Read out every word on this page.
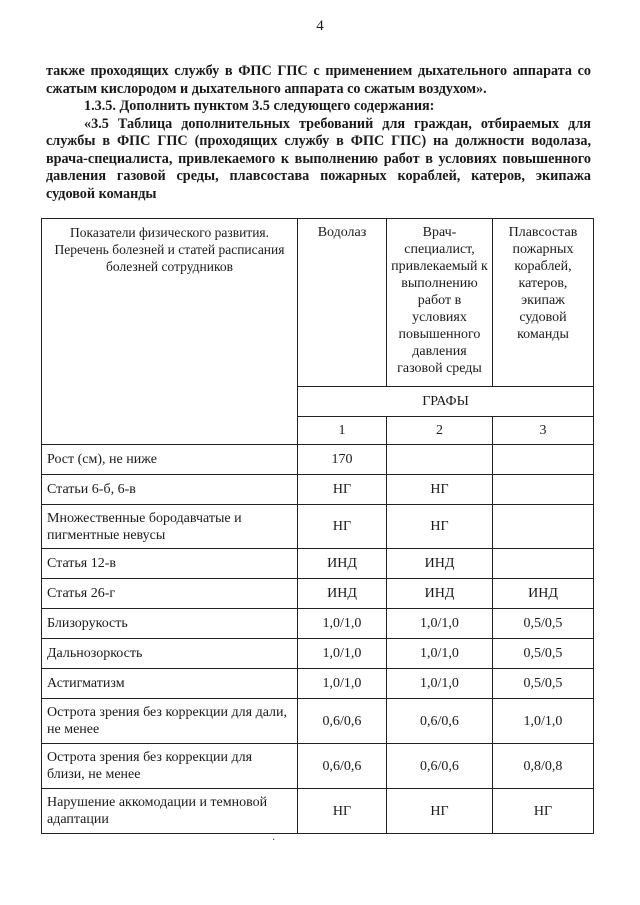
4

также проходящих службу в ФПС ГПС с применением дыхательного аппарата со сжатым кислородом и дыхательного аппарата со сжатым воздухом».

1.3.5. Дополнить пунктом 3.5 следующего содержания:

«3.5 Таблица дополнительных требований для граждан, отбираемых для службы в ФПС ГПС (проходящих службу в ФПС ГПС) на должности водолаза, врача-специалиста, привлекаемого к выполнению работ в условиях повышенного давления газовой среды, плавсостава пожарных кораблей, катеров, экипажа судовой команды

Показатели физического развития. Перечень болезней и статей расписания болезней сотрудников	Водолаз	Врач-специалист, привлекаемый к выполнению работ в условиях повышенного давления газовой среды	Плавсостав пожарных кораблей, катеров, экипаж судовой команды
	ГРАФЫ		
	1	2	3
Рост (см), не ниже	170		
Статьи 6-б, 6-в	НГ	НГ	
Множественные бородавчатые и пигментные невусы	НГ	НГ	
Статья 12-в	ИНД	ИНД	
Статья 26-г	ИНД	ИНД	ИНД
Близорукость	1,0/1,0	1,0/1,0	0,5/0,5
Дальнозоркость	1,0/1,0	1,0/1,0	0,5/0,5
Астигматизм	1,0/1,0	1,0/1,0	0,5/0,5
Острота зрения без коррекции для дали, не менее	0,6/0,6	0,6/0,6	1,0/1,0
Острота зрения без коррекции для близи, не менее	0,6/0,6	0,6/0,6	0,8/0,8
Нарушение аккомодации и темновой адаптации	НГ	НГ	НГ
·
